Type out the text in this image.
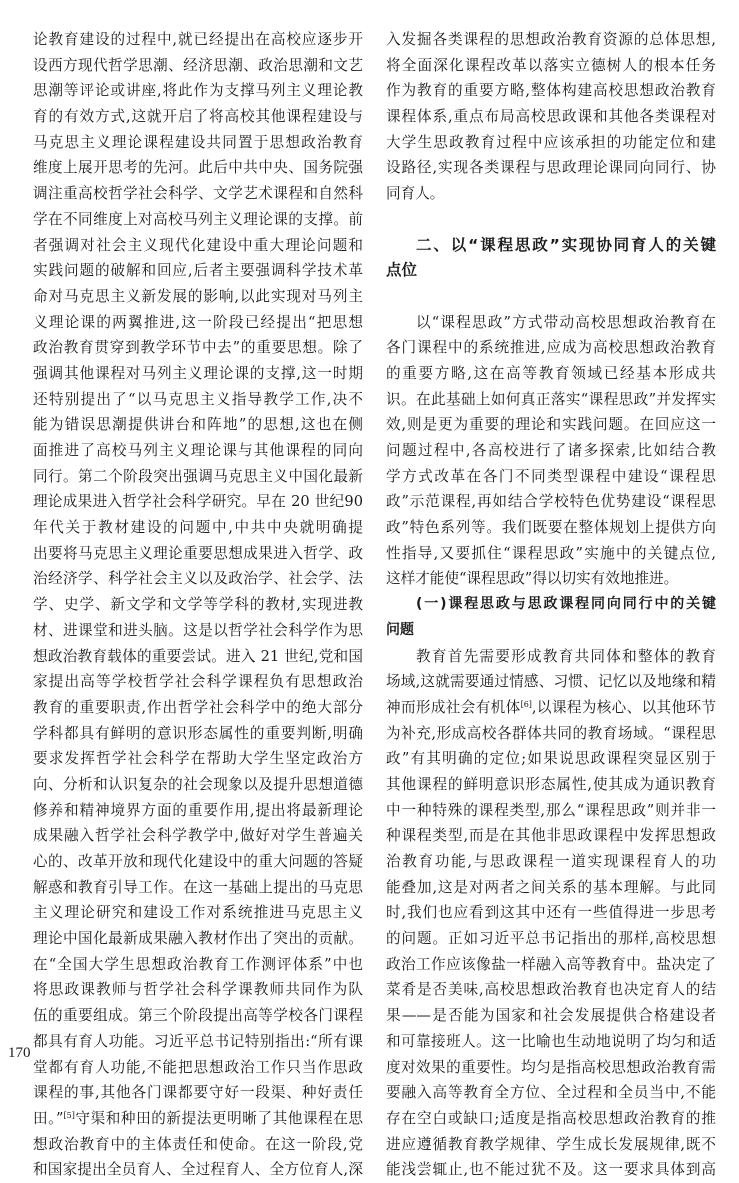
论教育建设的过程中,就已经提出在高校应逐步开
设西方现代哲学思潮、经济思潮、政治思潮和文艺
思潮等评论或讲座,将此作为支撑马列主义理论教
育的有效方式,这就开启了将高校其他课程建设与
马克思主义理论课程建设共同置于思想政治教育
维度上展开思考的先河。此后中共中央、国务院强
调注重高校哲学社会科学、文学艺术课程和自然科
学在不同维度上对高校马列主义理论课的支撑。前
者强调对社会主义现代化建设中重大理论问题和
实践问题的破解和回应,后者主要强调科学技术革
命对马克思主义新发展的影响,以此实现对马列主
义理论课的两翼推进,这一阶段已经提出“把思想
政治教育贯穿到教学环节中去”的重要思想。除了
强调其他课程对马列主义理论课的支撑,这一时期
还特别提出了“以马克思主义指导教学工作,决不
能为错误思潮提供讲台和阵地”的思想,这也在侧
面推进了高校马列主义理论课与其他课程的同向
同行。第二个阶段突出强调马克思主义中国化最新
理论成果进入哲学社会科学研究。早在 20 世纪90
年代关于教材建设的问题中,中共中央就明确提
出要将马克思主义理论重要思想成果进入哲学、政
治经济学、科学社会主义以及政治学、社会学、法
学、史学、新文学和文学等学科的教材,实现进教
材、进课堂和进头脑。这是以哲学社会科学作为思
想政治教育载体的重要尝试。进入 21 世纪,党和国
家提出高等学校哲学社会科学课程负有思想政治
教育的重要职责,作出哲学社会科学中的绝大部分
学科都具有鲜明的意识形态属性的重要判断,明确
要求发挥哲学社会科学在帮助大学生坚定政治方
向、分析和认识复杂的社会现象以及提升思想道德
修养和精神境界方面的重要作用,提出将最新理论
成果融入哲学社会科学教学中,做好对学生普遍关
心的、改革开放和现代化建设中的重大问题的答疑
解惑和教育引导工作。在这一基础上提出的马克思
主义理论研究和建设工作对系统推进马克思主义
理论中国化最新成果融入教材作出了突出的贡献。
在“全国大学生思想政治教育工作测评体系”中也
将思政课教师与哲学社会科学课教师共同作为队
伍的重要组成。第三个阶段提出高等学校各门课程
都具有育人功能。习近平总书记特别指出:“所有课
堂都有育人功能,不能把思想政治工作只当作思政
课程的事,其他各门课都要守好一段渠、种好责任
田。”[5]守渠和种田的新提法更明晰了其他课程在思
想政治教育中的主体责任和使命。在这一阶段,党
和国家提出全员育人、全过程育人、全方位育人,深
入发掘各类课程的思想政治教育资源的总体思想,
将全面深化课程改革以落实立德树人的根本任务
作为教育的重要方略,整体构建高校思想政治教育
课程体系,重点布局高校思政课和其他各类课程对
大学生思政教育过程中应该承担的功能定位和建
设路径,实现各类课程与思政理论课同向同行、协
同育人。
二、以“课程思政”实现协同育人的关键
点位
以“课程思政”方式带动高校思想政治教育在
各门课程中的系统推进,应成为高校思想政治教育
的重要方略,这在高等教育领域已经基本形成共
识。在此基础上如何真正落实“课程思政”并发挥实
效,则是更为重要的理论和实践问题。在回应这一
问题过程中,各高校进行了诸多探索,比如结合教
学方式改革在各门不同类型课程中建设“课程思
政”示范课程,再如结合学校特色优势建设“课程思
政”特色系列等。我们既要在整体规划上提供方向
性指导,又要抓住“课程思政”实施中的关键点位,
这样才能使“课程思政”得以切实有效地推进。
(一)课程思政与思政课程同向同行中的关键
问题
教育首先需要形成教育共同体和整体的教育
场域,这就需要通过情感、习惯、记忆以及地缘和精
神而形成社会有机体[6],以课程为核心、以其他环节
为补充,形成高校各群体共同的教育场域。“课程思
政”有其明确的定位;如果说思政课程突显区别于
其他课程的鲜明意识形态属性,使其成为通识教育
中一种特殊的课程类型,那么“课程思政”则并非一
种课程类型,而是在其他非思政课程中发挥思想政
治教育功能,与思政课程一道实现课程育人的功
能叠加,这是对两者之间关系的基本理解。与此同
时,我们也应看到这其中还有一些值得进一步思考
的问题。正如习近平总书记指出的那样,高校思想
政治工作应该像盐一样融入高等教育中。盐决定了
菜肴是否美味,高校思想政治教育也决定育人的结
果——是否能为国家和社会发展提供合格建设者
和可靠接班人。这一比喻也生动地说明了均匀和适
度对效果的重要性。均匀是指高校思想政治教育需
要融入高等教育全方位、全过程和全员当中,不能
存在空白或缺口;适度是指高校思想政治教育的推
进应遵循教育教学规律、学生成长发展规律,既不
能浅尝辄止,也不能过犹不及。这一要求具体到高
170
